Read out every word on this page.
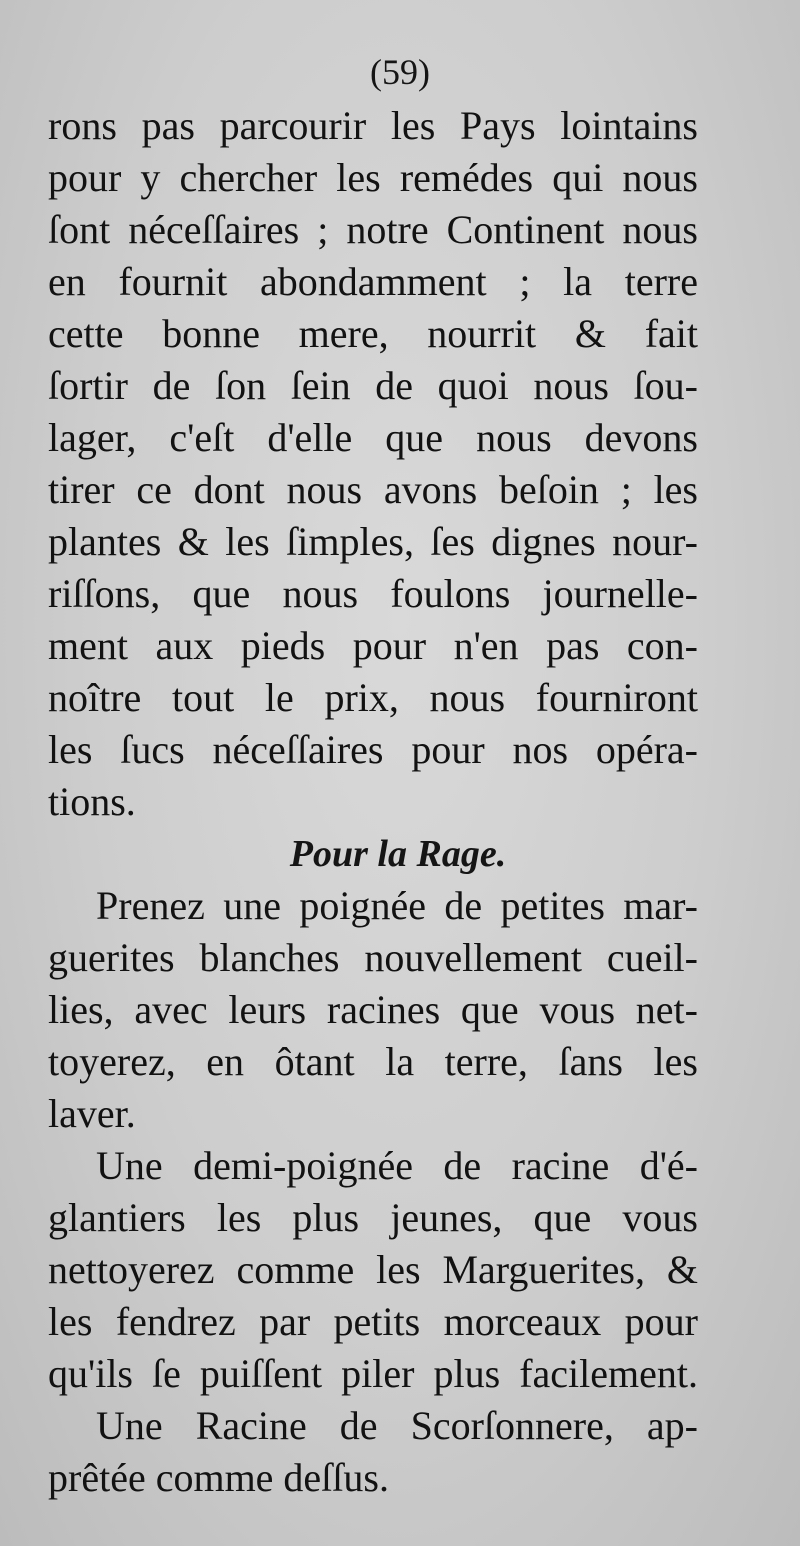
(59)
rons pas parcourir les Pays lointains
pour y chercher les remédes qui nous
ſont néceſſaires ; notre Continent nous
en fournit abondamment ; la terre
cette bonne mere, nourrit & fait
ſortir de ſon ſein de quoi nous ſou-
lager, c'eſt d'elle que nous devons
tirer ce dont nous avons beſoin ; les
plantes & les ſimples, ſes dignes nour-
riſſons, que nous foulons journelle-
ment aux pieds pour n'en pas con-
noître tout le prix, nous fourniront
les ſucs néceſſaires pour nos opéra-
tions.
Pour la Rage.
Prenez une poignée de petites mar-
guerites blanches nouvellement cueil-
lies, avec leurs racines que vous net-
toyerez, en ôtant la terre, ſans les
laver.
Une demi-poignée de racine d'é-
glantiers les plus jeunes, que vous
nettoyerez comme les Marguerites, &
les fendrez par petits morceaux pour
qu'ils ſe puiſſent piler plus facilement.
Une Racine de Scorſonnere, ap-
prêtée comme deſſus.
